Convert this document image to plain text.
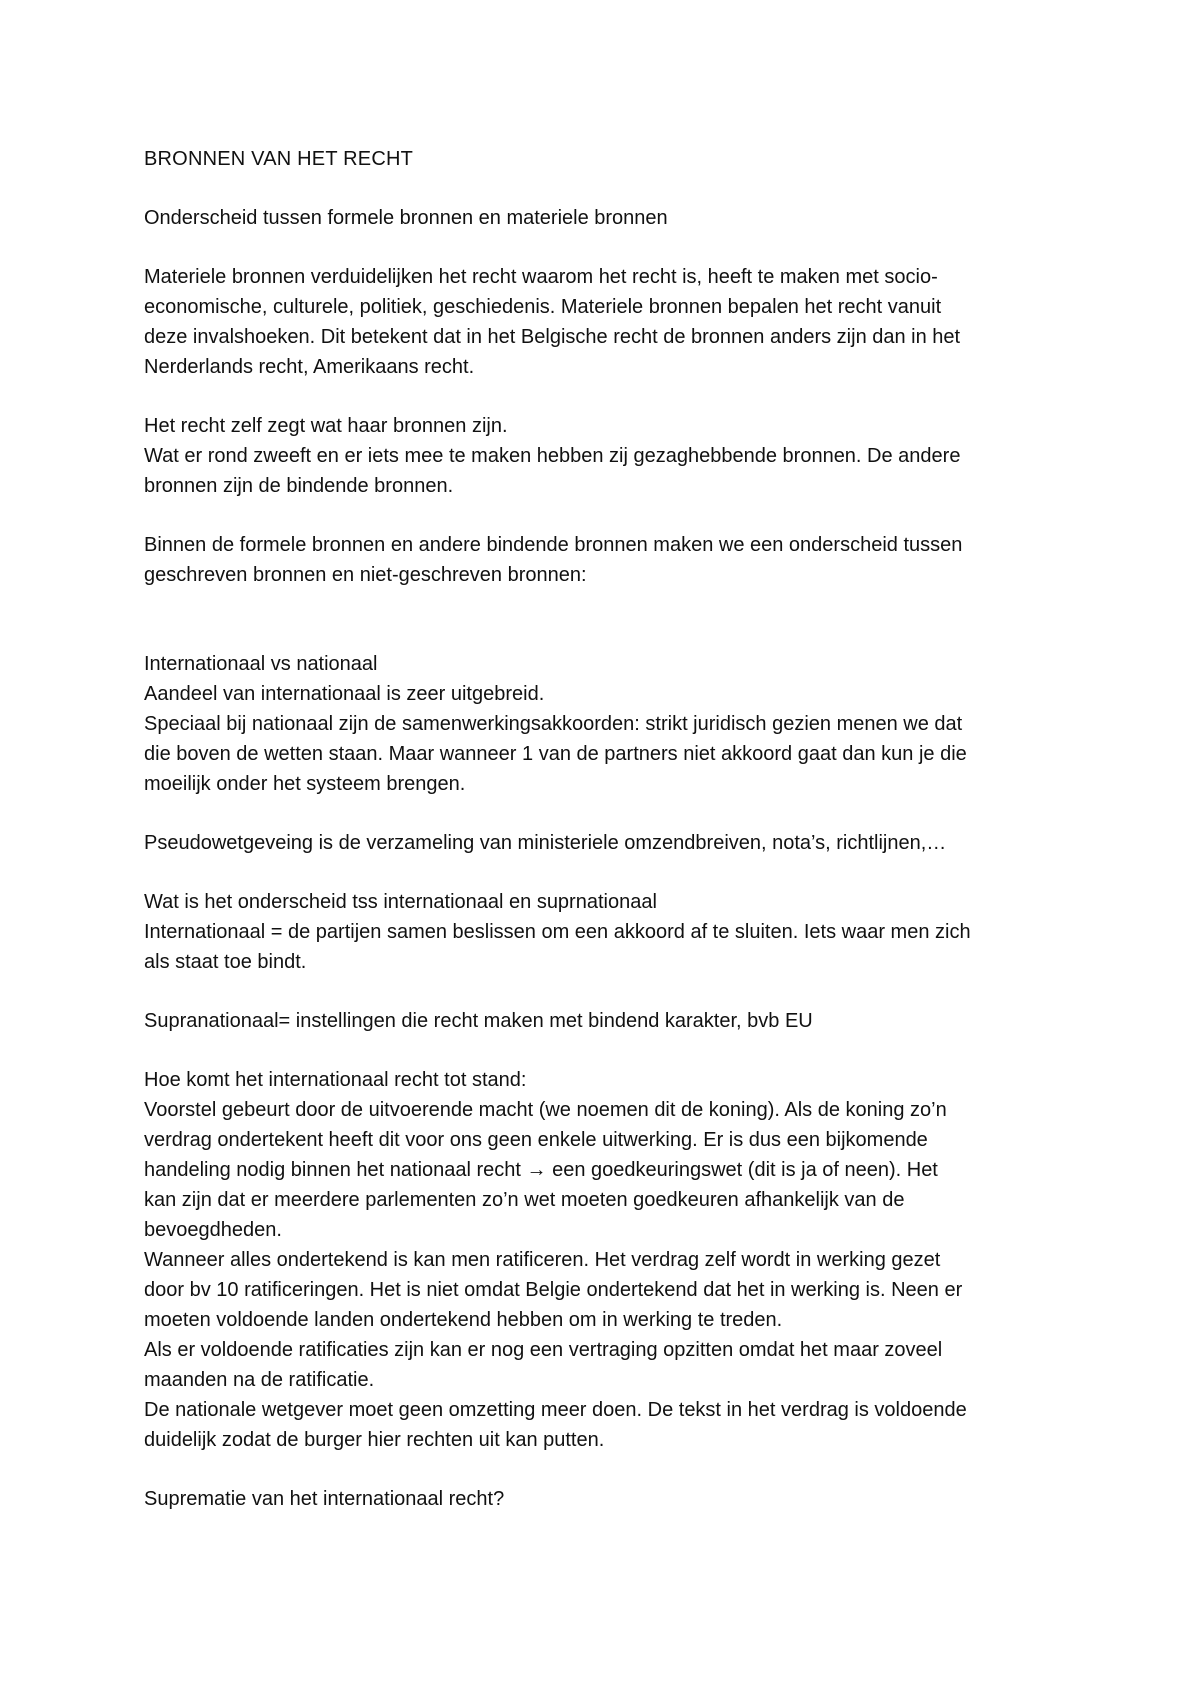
BRONNEN VAN HET RECHT

Onderscheid tussen formele bronnen en materiele bronnen

Materiele bronnen verduidelijken het recht waarom het recht is, heeft te maken met socio-
economische, culturele, politiek, geschiedenis. Materiele bronnen bepalen het recht vanuit
deze invalshoeken. Dit betekent dat in het Belgische recht de bronnen anders zijn dan in het
Nerderlands recht, Amerikaans recht.

Het recht zelf zegt wat haar bronnen zijn.
Wat er rond zweeft en er iets mee te maken hebben zij gezaghebbende bronnen. De andere
bronnen zijn de bindende bronnen.

Binnen de formele bronnen en andere bindende bronnen maken we een onderscheid tussen
geschreven bronnen en niet-geschreven bronnen:

Internationaal vs nationaal
Aandeel van internationaal is zeer uitgebreid.
Speciaal bij nationaal zijn de samenwerkingsakkoorden: strikt juridisch gezien menen we dat
die boven de wetten staan. Maar wanneer 1 van de partners niet akkoord gaat dan kun je die
moeilijk onder het systeem brengen.

Pseudowetgeveing is de verzameling van ministeriele omzendbreiven, nota’s, richtlijnen,…

Wat is het onderscheid tss internationaal en suprnationaal
Internationaal = de partijen samen beslissen om een akkoord af te sluiten. Iets waar men zich
als staat toe bindt.

Supranationaal= instellingen die recht maken met bindend karakter, bvb EU

Hoe komt het internationaal recht tot stand:
Voorstel gebeurt door de uitvoerende macht (we noemen dit de koning). Als de koning zo’n
verdrag ondertekent heeft dit voor ons geen enkele uitwerking. Er is dus een bijkomende
handeling nodig binnen het nationaal recht → een goedkeuringswet (dit is ja of neen). Het
kan zijn dat er meerdere parlementen zo’n wet moeten goedkeuren afhankelijk van de
bevoegdheden.
Wanneer alles ondertekend is kan men ratificeren. Het verdrag zelf wordt in werking gezet
door bv 10 ratificeringen. Het is niet omdat Belgie ondertekend dat het in werking is. Neen er
moeten voldoende landen ondertekend hebben om in werking te treden.
Als er voldoende ratificaties zijn kan er nog een vertraging opzitten omdat het maar zoveel
maanden na de ratificatie.
De nationale wetgever moet geen omzetting meer doen. De tekst in het verdrag is voldoende
duidelijk zodat de burger hier rechten uit kan putten.

Suprematie van het internationaal recht?
